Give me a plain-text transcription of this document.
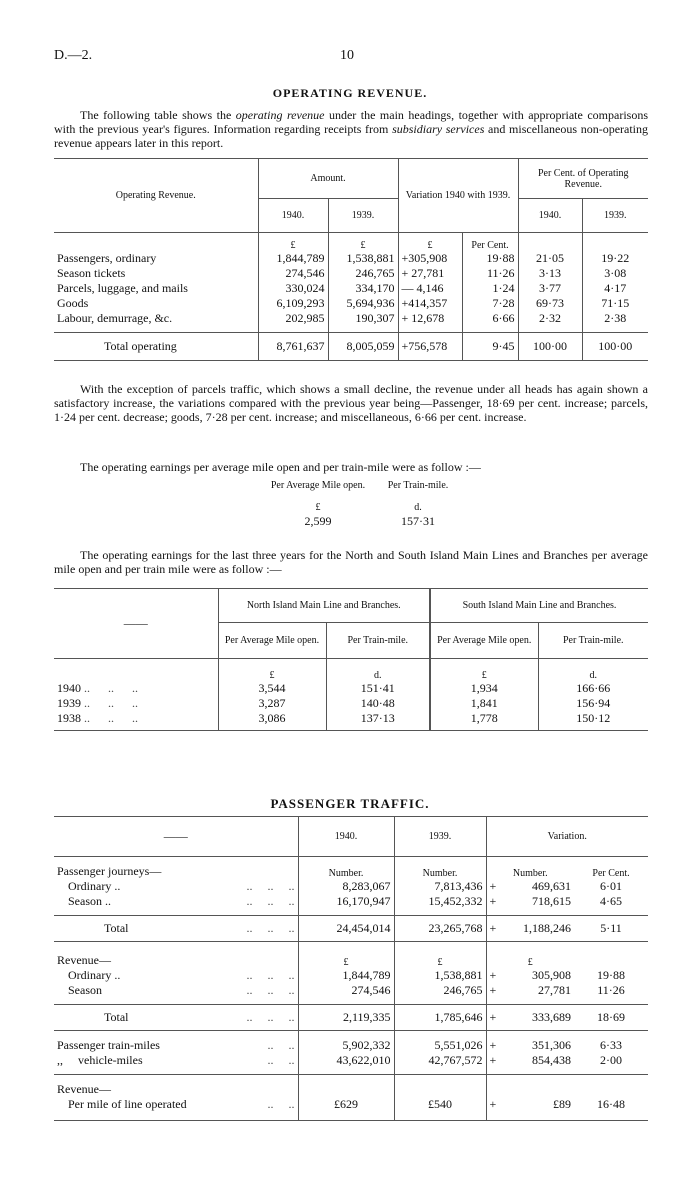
D.—2.	10
OPERATING REVENUE.
The following table shows the operating revenue under the main headings, together with appropriate comparisons with the previous year's figures. Information regarding receipts from subsidiary services and miscellaneous non-operating revenue appears later in this report.
Operating Revenue.	Amount.		Variation 1940 with 1939.		Per Cent. of Operating Revenue.	
	1940.	1939.			1940.	1939.
	£	£	£	Per Cent.		
Passengers, ordinary	1,844,789	1,538,881	+305,908	19·88	21·05	19·22
Season tickets	274,546	246,765	+ 27,781	11·26	3·13	3·08
Parcels, luggage, and mails	330,024	334,170	— 4,146	1·24	3·77	4·17
Goods	6,109,293	5,694,936	+414,357	7·28	69·73	71·15
Labour, demurrage, &c.	202,985	190,307	+ 12,678	6·66	2·32	2·38
Total operating	8,761,637	8,005,059	+756,578	9·45	100·00	100·00
With the exception of parcels traffic, which shows a small decline, the revenue under all heads has again shown a satisfactory increase, the variations compared with the previous year being—Passenger, 18·69 per cent. increase; parcels, 1·24 per cent. decrease; goods, 7·28 per cent. increase; and miscellaneous, 6·66 per cent. increase.
The operating earnings per average mile open and per train-mile were as follow :—
Per Average Mile open.	Per Train-mile.
£	d.
2,599	157·31
The operating earnings for the last three years for the North and South Island Main Lines and Branches per average mile open and per train mile were as follow :—
——	North Island Main Line and Branches.		South Island Main Line and Branches.	
	Per Average Mile open.	Per Train-mile.	Per Average Mile open.	Per Train-mile.
	£	d.	£	d.
1940 ..      ..      ..	3,544	151·41	1,934	166·66
1939 ..      ..      ..	3,287	140·48	1,841	156·94
1938 ..      ..      ..	3,086	137·13	1,778	150·12
PASSENGER TRAFFIC.
——	1940.	1939.	Variation.	
Passenger journeys—	Number.	Number.	Number.	Per Cent.
Ordinary .. ..     ..     ..	8,283,067	7,813,436	+ 469,631	6·01
Season .. ..     ..     ..	16,170,947	15,452,332	+ 718,615	4·65
Total ..     ..     ..	24,454,014	23,265,768	+ 1,188,246	5·11
Revenue—	£	£	£	
Ordinary .. ..     ..     ..	1,844,789	1,538,881	+ 305,908	19·88
Season ..     ..     ..	274,546	246,765	+ 27,781	11·26
Total ..     ..     ..	2,119,335	1,785,646	+ 333,689	18·69
Passenger train-miles ..     ..	5,902,332	5,551,026	+ 351,306	6·33
,,     vehicle-miles ..     ..	43,622,010	42,767,572	+ 854,438	2·00
Revenue—				
Per mile of line operated ..     ..	£629	£540	+ £89	16·48
